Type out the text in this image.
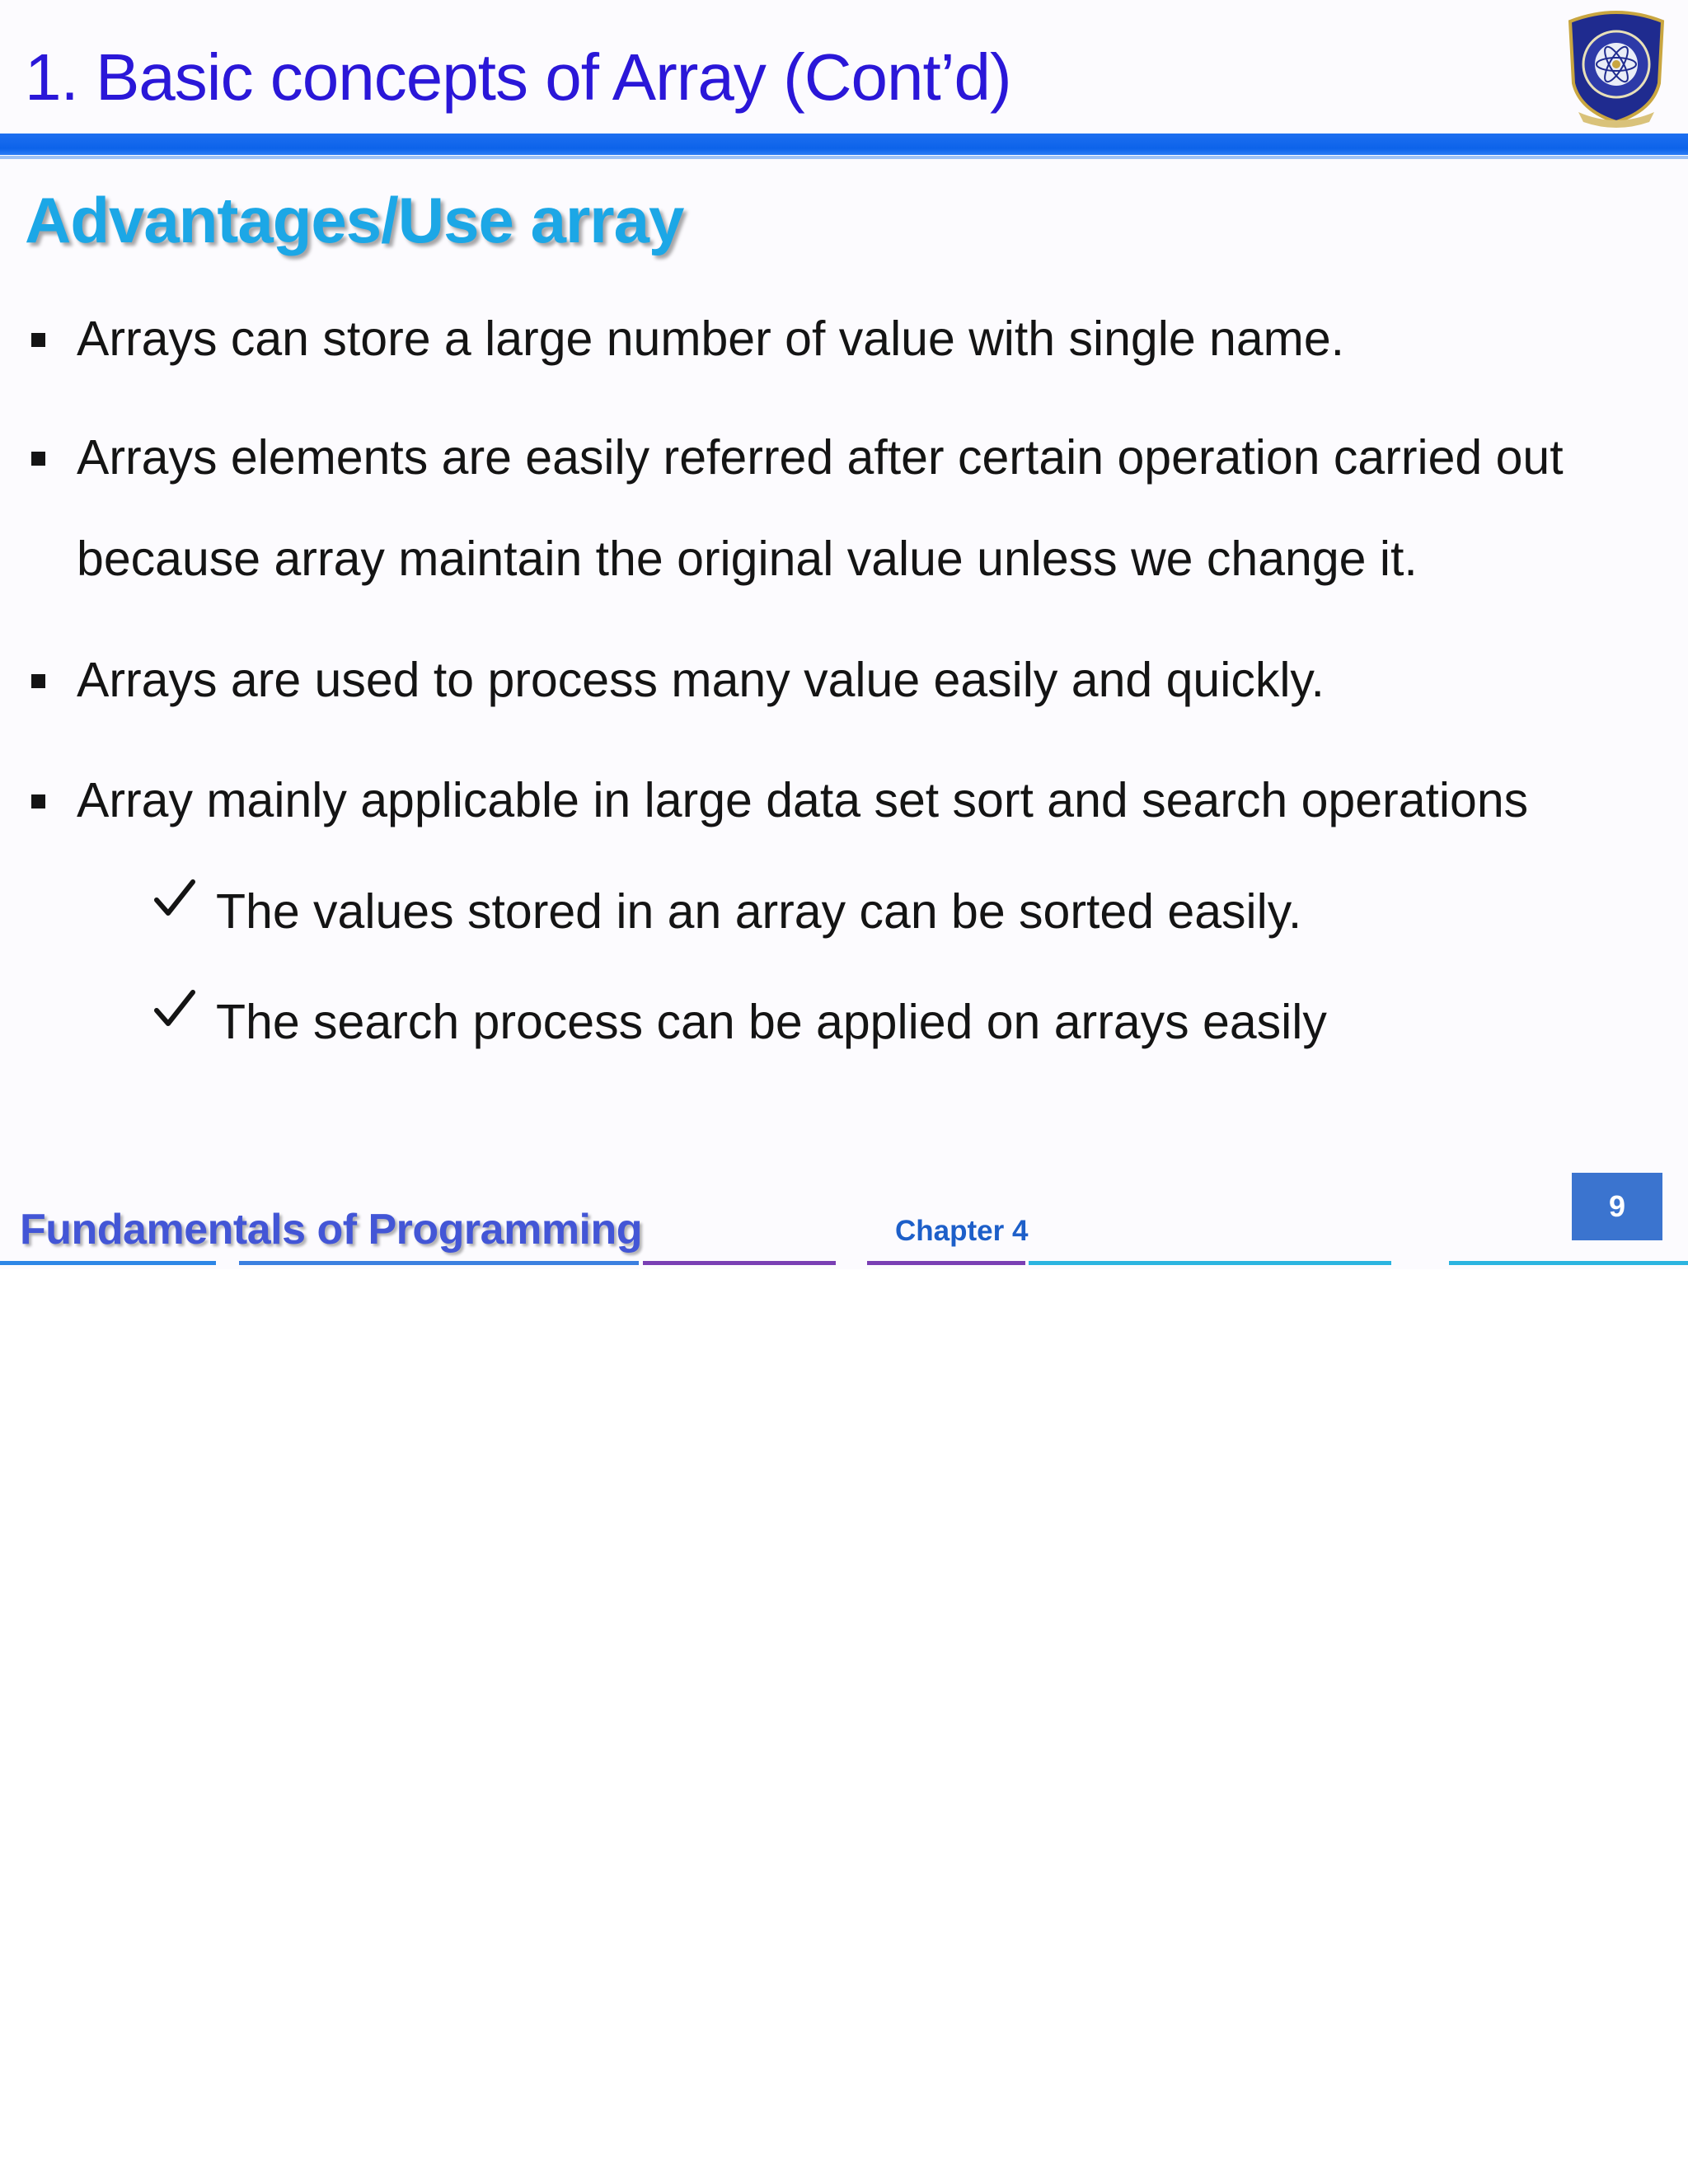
1. Basic concepts of Array (Cont’d)
Advantages/Use array
Arrays can store a large number of value with single name.
Arrays elements are easily referred after certain operation carried out because array maintain the original value unless we change it.
Arrays are used to process many value easily and quickly.
Array mainly applicable in large data set sort and search operations
The values stored in an array can be sorted easily.
The search process can be applied on arrays easily
Fundamentals of Programming	Chapter 4
9
